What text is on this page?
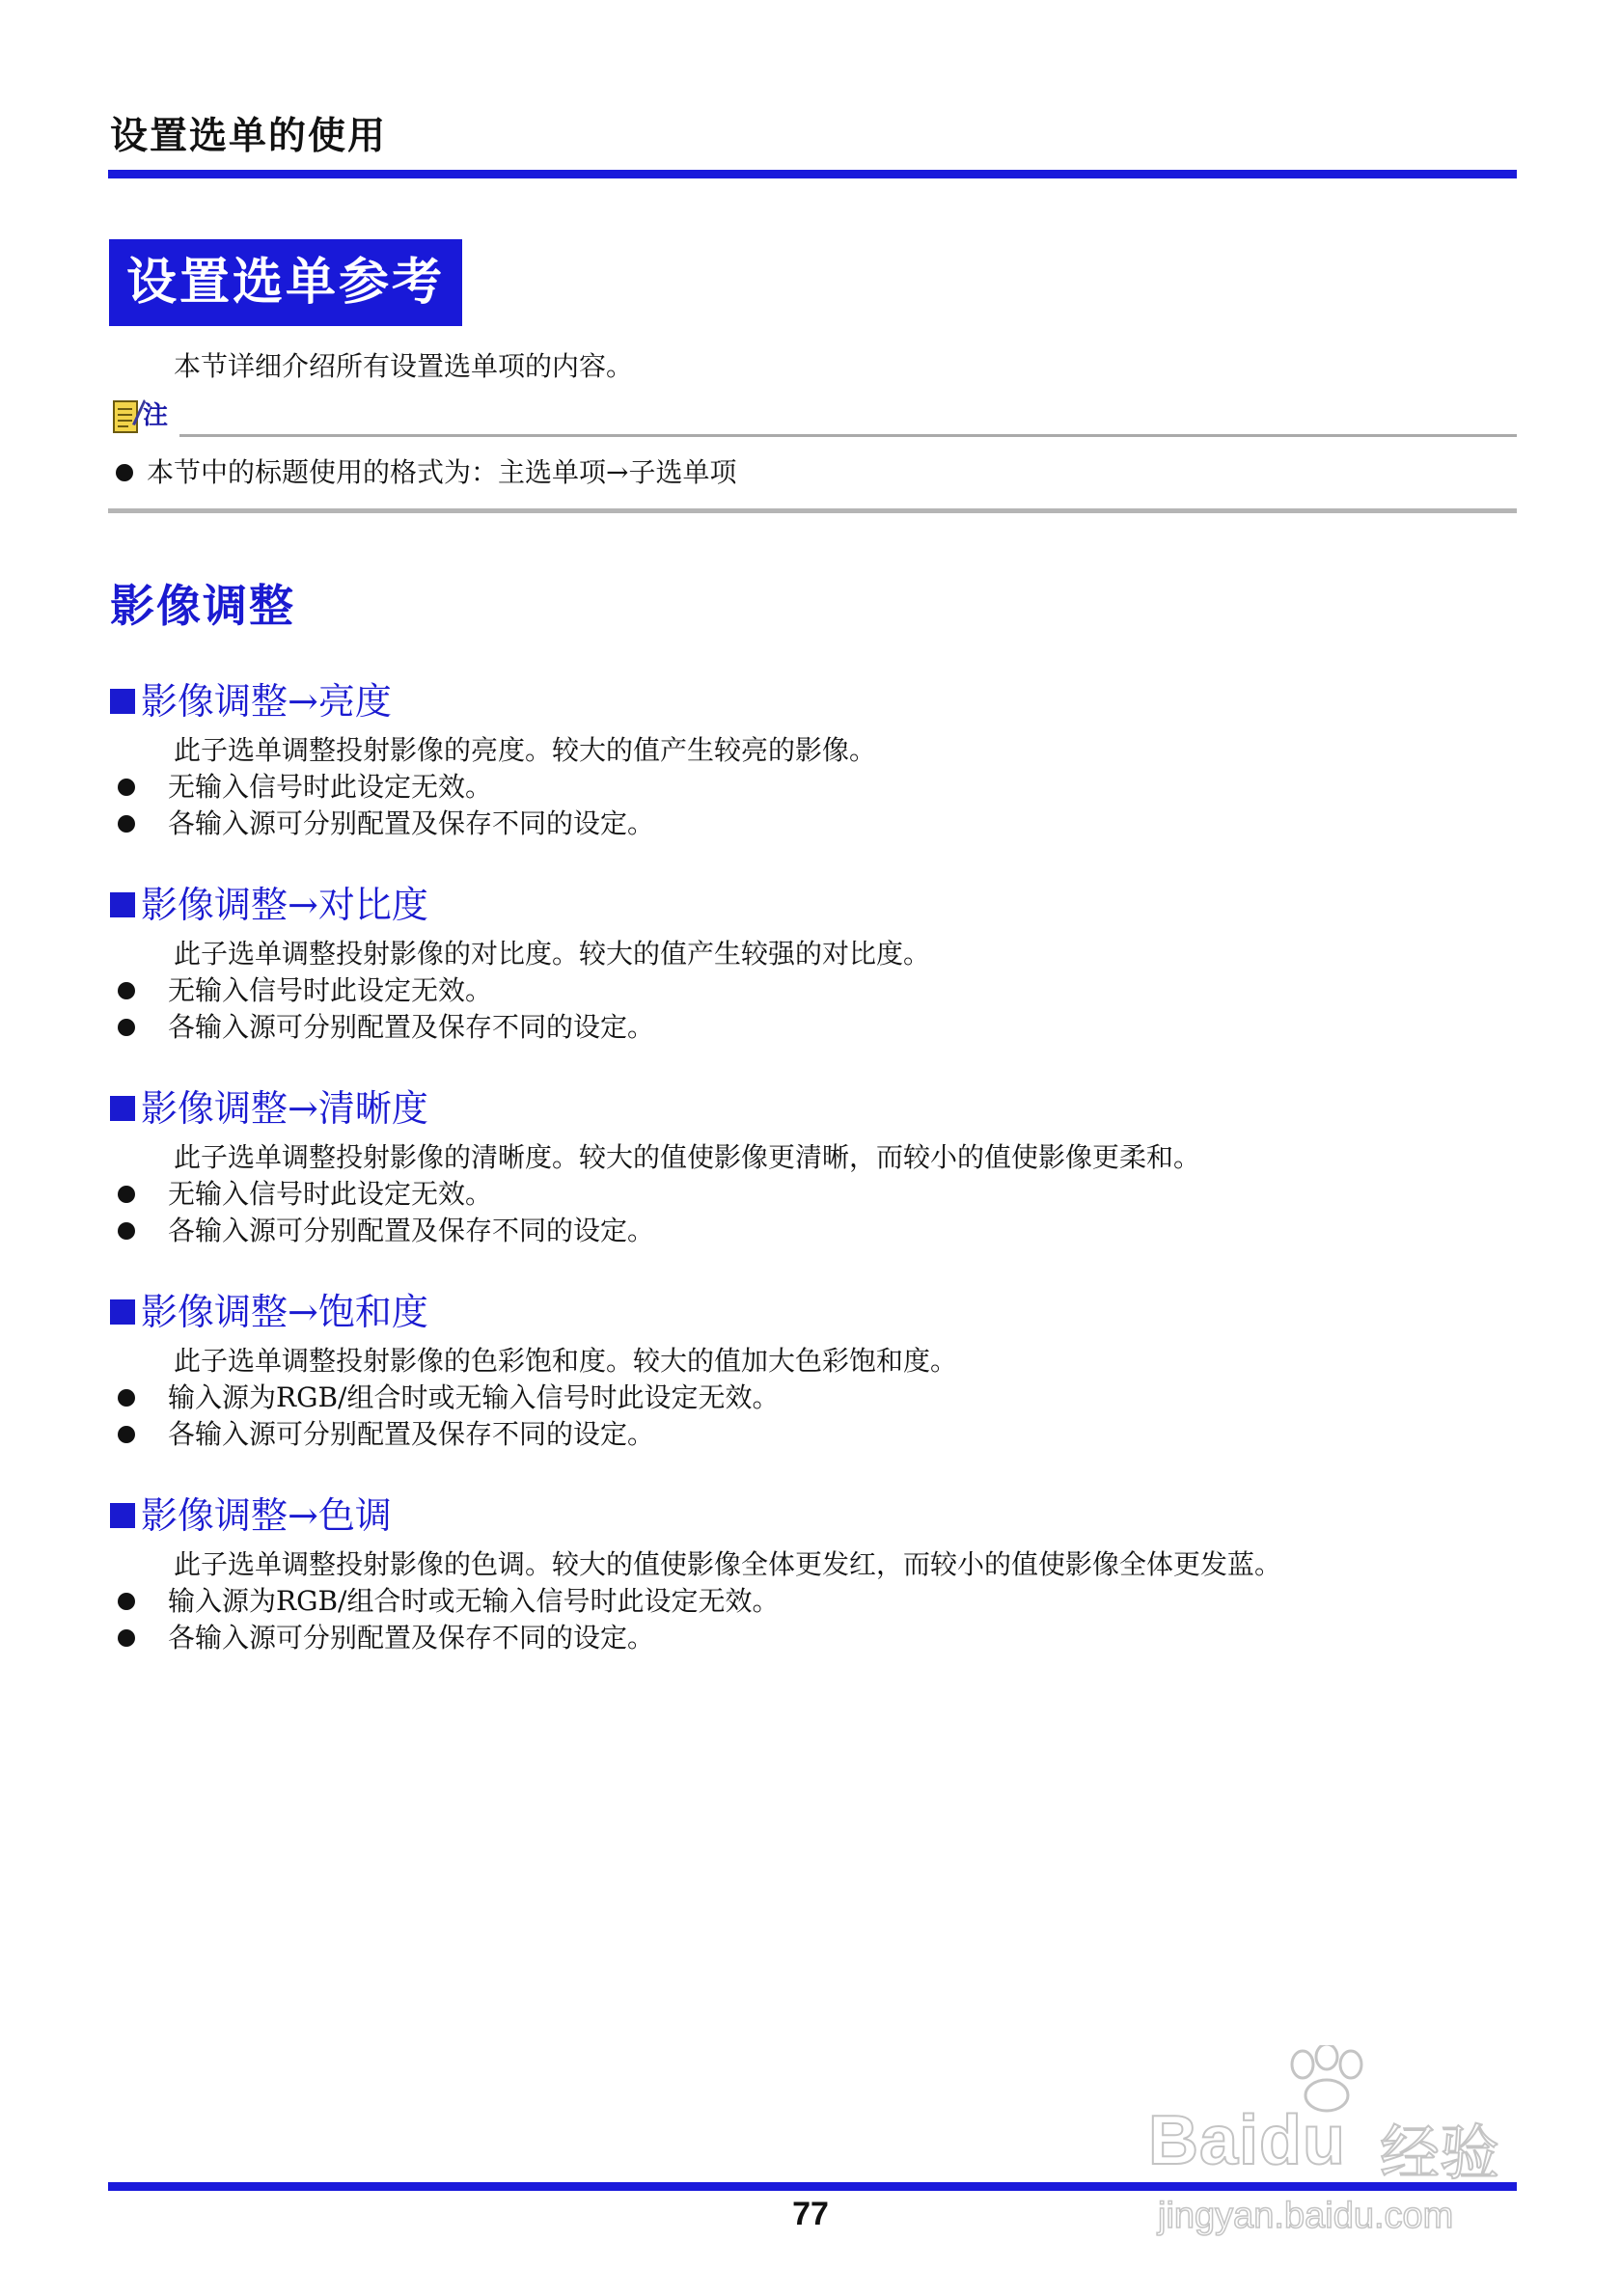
设置选单的使用
设置选单参考
本节详细介绍所有设置选单项的内容。
注
本节中的标题使用的格式为：主选单项→子选单项
影像调整
影像调整→亮度
此子选单调整投射影像的亮度。较大的值产生较亮的影像。
无输入信号时此设定无效。
各输入源可分别配置及保存不同的设定。
影像调整→对比度
此子选单调整投射影像的对比度。较大的值产生较强的对比度。
无输入信号时此设定无效。
各输入源可分别配置及保存不同的设定。
影像调整→清晰度
此子选单调整投射影像的清晰度。较大的值使影像更清晰，而较小的值使影像更柔和。
无输入信号时此设定无效。
各输入源可分别配置及保存不同的设定。
影像调整→饱和度
此子选单调整投射影像的色彩饱和度。较大的值加大色彩饱和度。
输入源为RGB/组合时或无输入信号时此设定无效。
各输入源可分别配置及保存不同的设定。
影像调整→色调
此子选单调整投射影像的色调。较大的值使影像全体更发红，而较小的值使影像全体更发蓝。
输入源为RGB/组合时或无输入信号时此设定无效。
各输入源可分别配置及保存不同的设定。
77
Baidu 经验
jingyan.baidu.com
